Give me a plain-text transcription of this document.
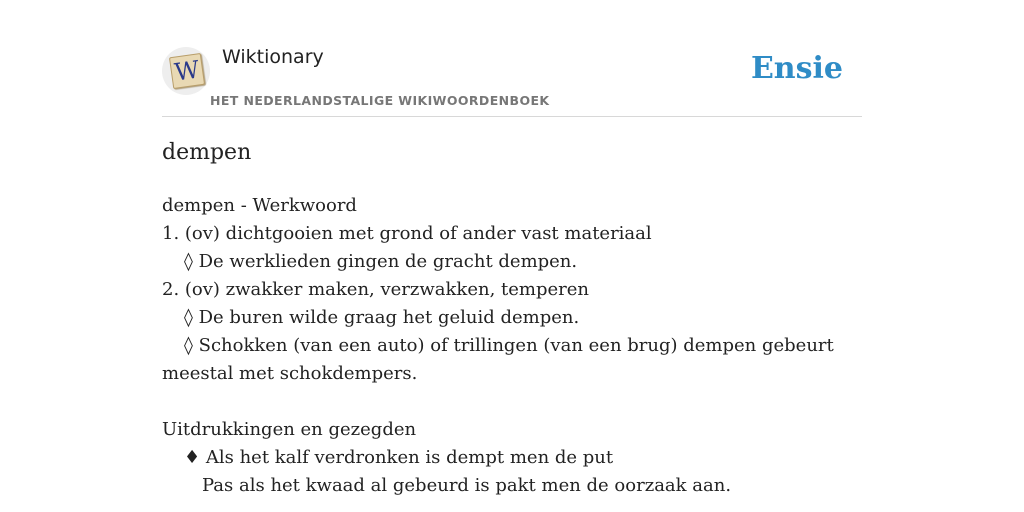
W Wiktionary
HET NEDERLANDSTALIGE WIKIWOORDENBOEK
Ensie
dempen
dempen - Werkwoord
1. (ov) dichtgooien met grond of ander vast materiaal
◊ De werklieden gingen de gracht dempen.
2. (ov) zwakker maken, verzwakken, temperen
◊ De buren wilde graag het geluid dempen.
◊ Schokken (van een auto) of trillingen (van een brug) dempen gebeurt meestal met schokdempers.
Uitdrukkingen en gezegden
♦ Als het kalf verdronken is dempt men de put
Pas als het kwaad al gebeurd is pakt men de oorzaak aan.
